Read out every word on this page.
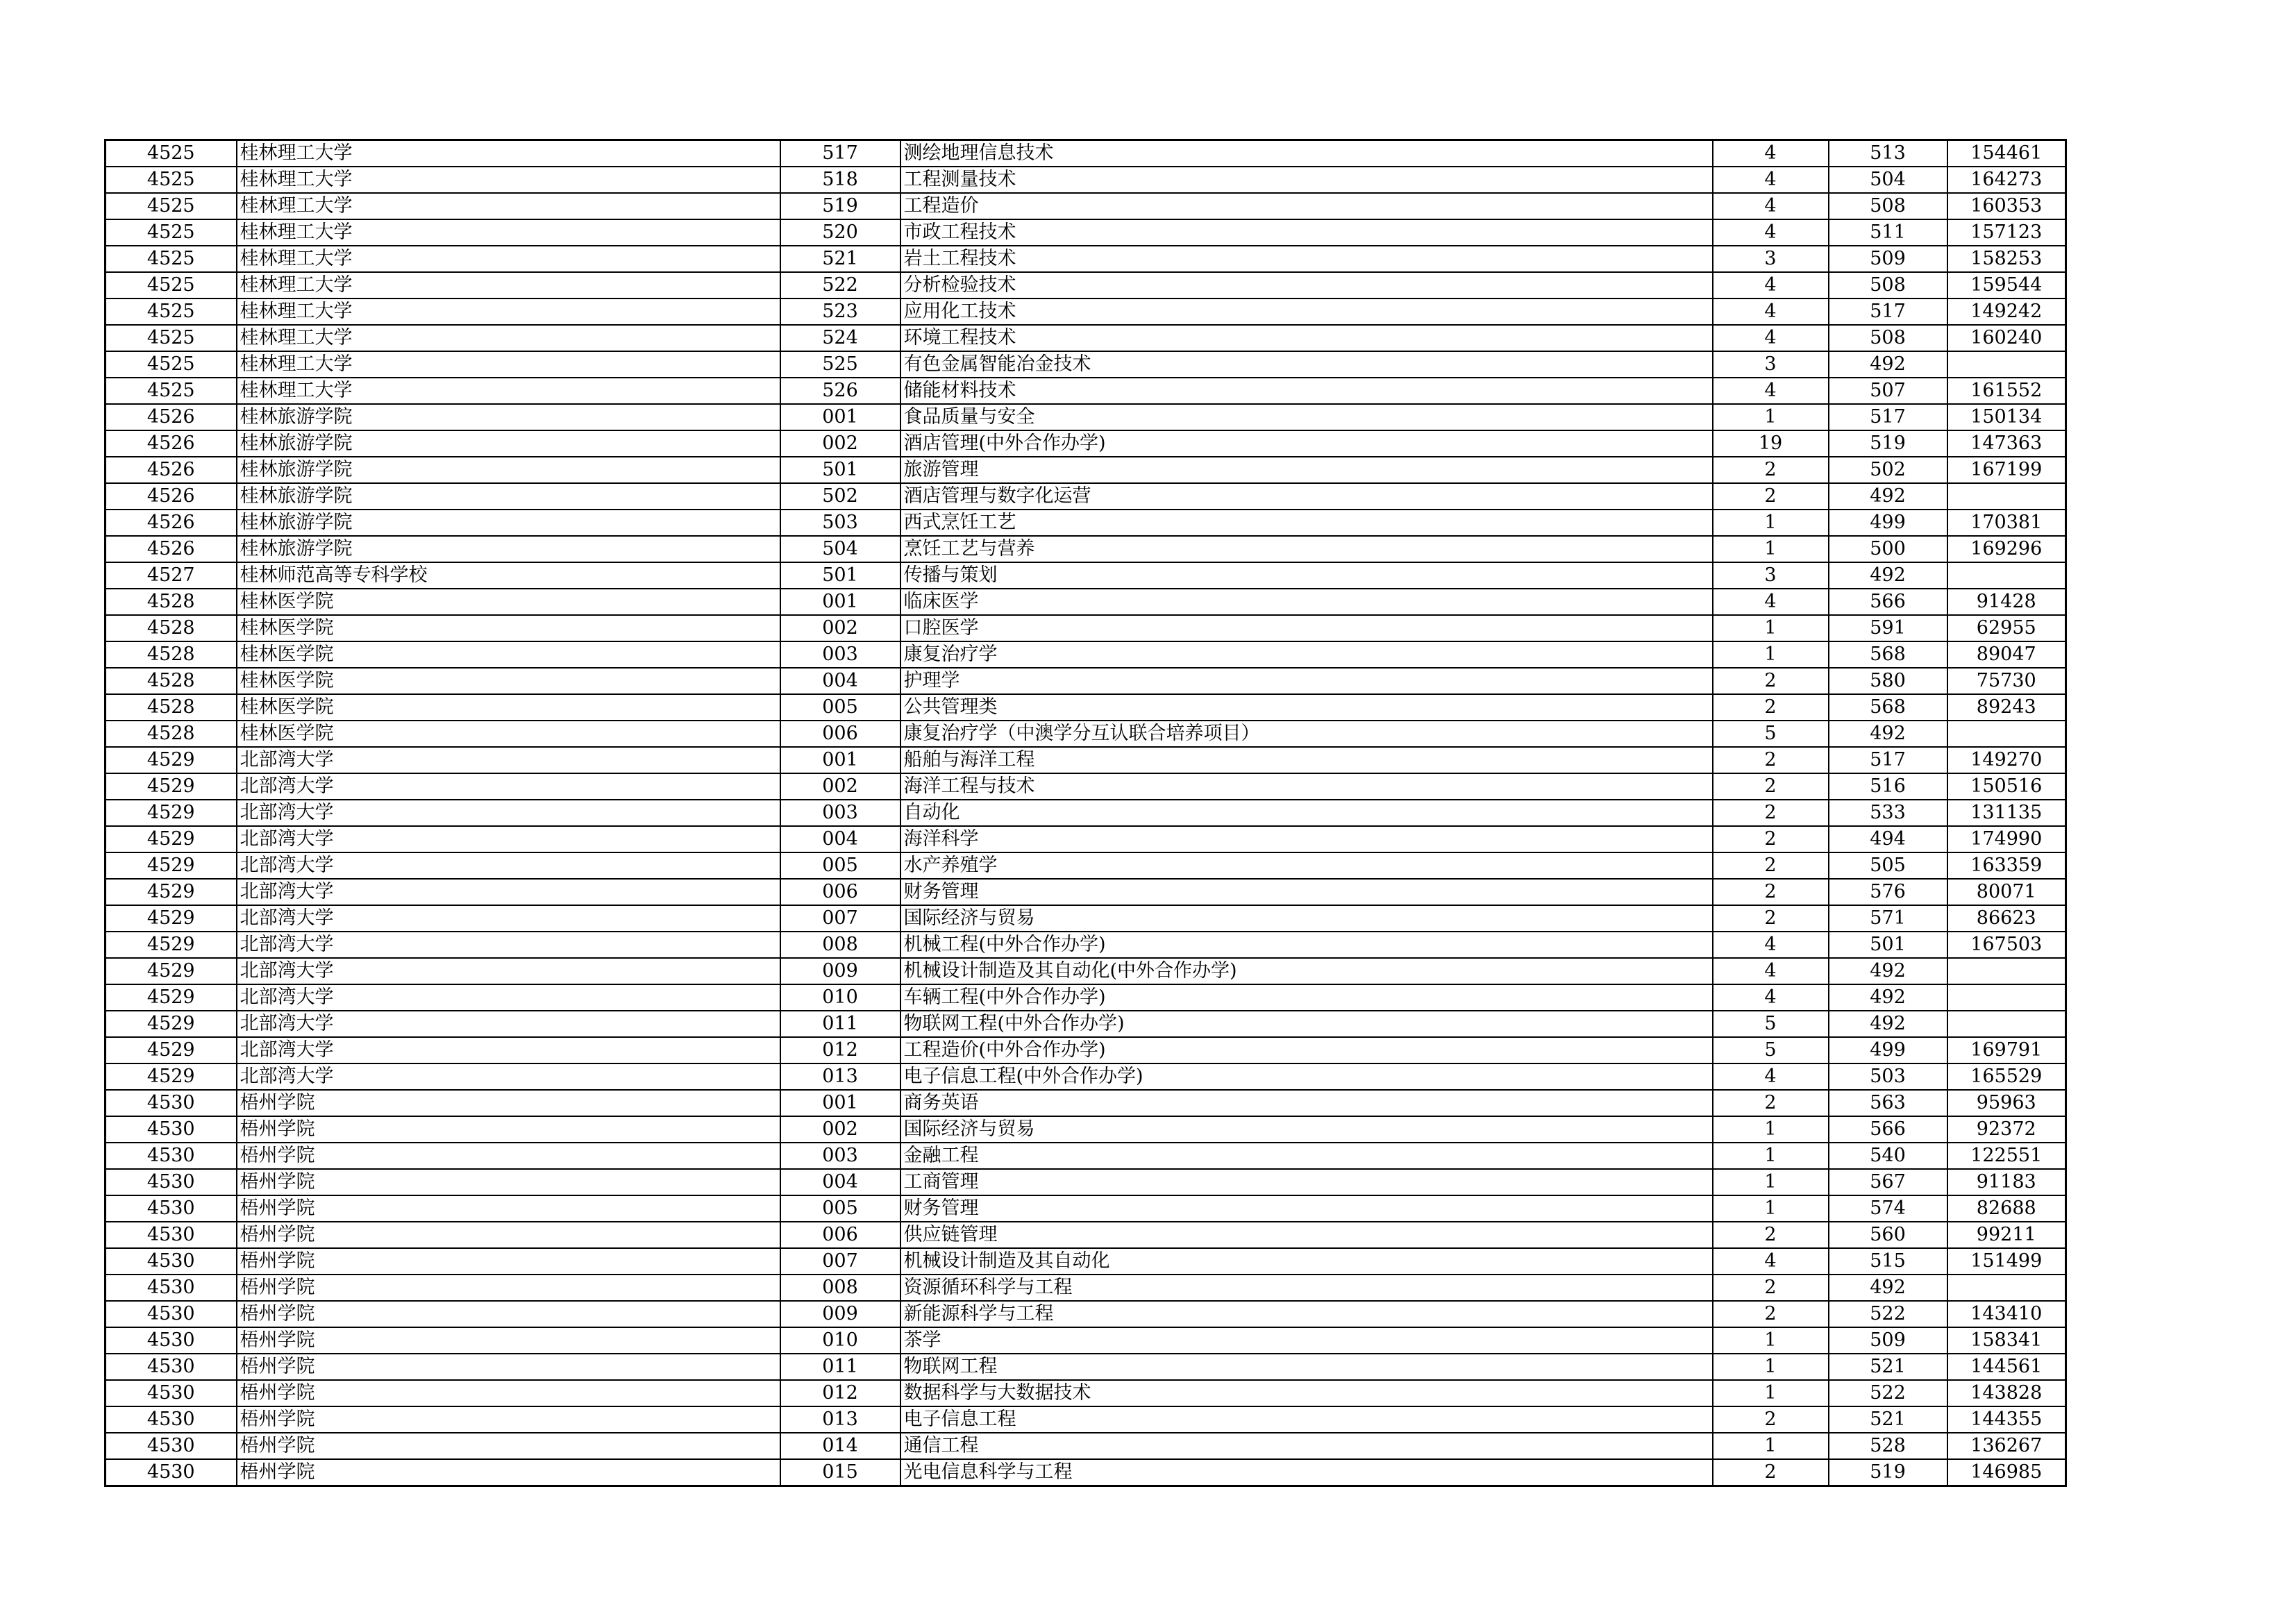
4525	桂林理工大学	517	测绘地理信息技术	4	513	154461
4525	桂林理工大学	518	工程测量技术	4	504	164273
4525	桂林理工大学	519	工程造价	4	508	160353
4525	桂林理工大学	520	市政工程技术	4	511	157123
4525	桂林理工大学	521	岩土工程技术	3	509	158253
4525	桂林理工大学	522	分析检验技术	4	508	159544
4525	桂林理工大学	523	应用化工技术	4	517	149242
4525	桂林理工大学	524	环境工程技术	4	508	160240
4525	桂林理工大学	525	有色金属智能冶金技术	3	492	
4525	桂林理工大学	526	储能材料技术	4	507	161552
4526	桂林旅游学院	001	食品质量与安全	1	517	150134
4526	桂林旅游学院	002	酒店管理(中外合作办学)	19	519	147363
4526	桂林旅游学院	501	旅游管理	2	502	167199
4526	桂林旅游学院	502	酒店管理与数字化运营	2	492	
4526	桂林旅游学院	503	西式烹饪工艺	1	499	170381
4526	桂林旅游学院	504	烹饪工艺与营养	1	500	169296
4527	桂林师范高等专科学校	501	传播与策划	3	492	
4528	桂林医学院	001	临床医学	4	566	91428
4528	桂林医学院	002	口腔医学	1	591	62955
4528	桂林医学院	003	康复治疗学	1	568	89047
4528	桂林医学院	004	护理学	2	580	75730
4528	桂林医学院	005	公共管理类	2	568	89243
4528	桂林医学院	006	康复治疗学（中澳学分互认联合培养项目）	5	492	
4529	北部湾大学	001	船舶与海洋工程	2	517	149270
4529	北部湾大学	002	海洋工程与技术	2	516	150516
4529	北部湾大学	003	自动化	2	533	131135
4529	北部湾大学	004	海洋科学	2	494	174990
4529	北部湾大学	005	水产养殖学	2	505	163359
4529	北部湾大学	006	财务管理	2	576	80071
4529	北部湾大学	007	国际经济与贸易	2	571	86623
4529	北部湾大学	008	机械工程(中外合作办学)	4	501	167503
4529	北部湾大学	009	机械设计制造及其自动化(中外合作办学)	4	492	
4529	北部湾大学	010	车辆工程(中外合作办学)	4	492	
4529	北部湾大学	011	物联网工程(中外合作办学)	5	492	
4529	北部湾大学	012	工程造价(中外合作办学)	5	499	169791
4529	北部湾大学	013	电子信息工程(中外合作办学)	4	503	165529
4530	梧州学院	001	商务英语	2	563	95963
4530	梧州学院	002	国际经济与贸易	1	566	92372
4530	梧州学院	003	金融工程	1	540	122551
4530	梧州学院	004	工商管理	1	567	91183
4530	梧州学院	005	财务管理	1	574	82688
4530	梧州学院	006	供应链管理	2	560	99211
4530	梧州学院	007	机械设计制造及其自动化	4	515	151499
4530	梧州学院	008	资源循环科学与工程	2	492	
4530	梧州学院	009	新能源科学与工程	2	522	143410
4530	梧州学院	010	茶学	1	509	158341
4530	梧州学院	011	物联网工程	1	521	144561
4530	梧州学院	012	数据科学与大数据技术	1	522	143828
4530	梧州学院	013	电子信息工程	2	521	144355
4530	梧州学院	014	通信工程	1	528	136267
4530	梧州学院	015	光电信息科学与工程	2	519	146985
